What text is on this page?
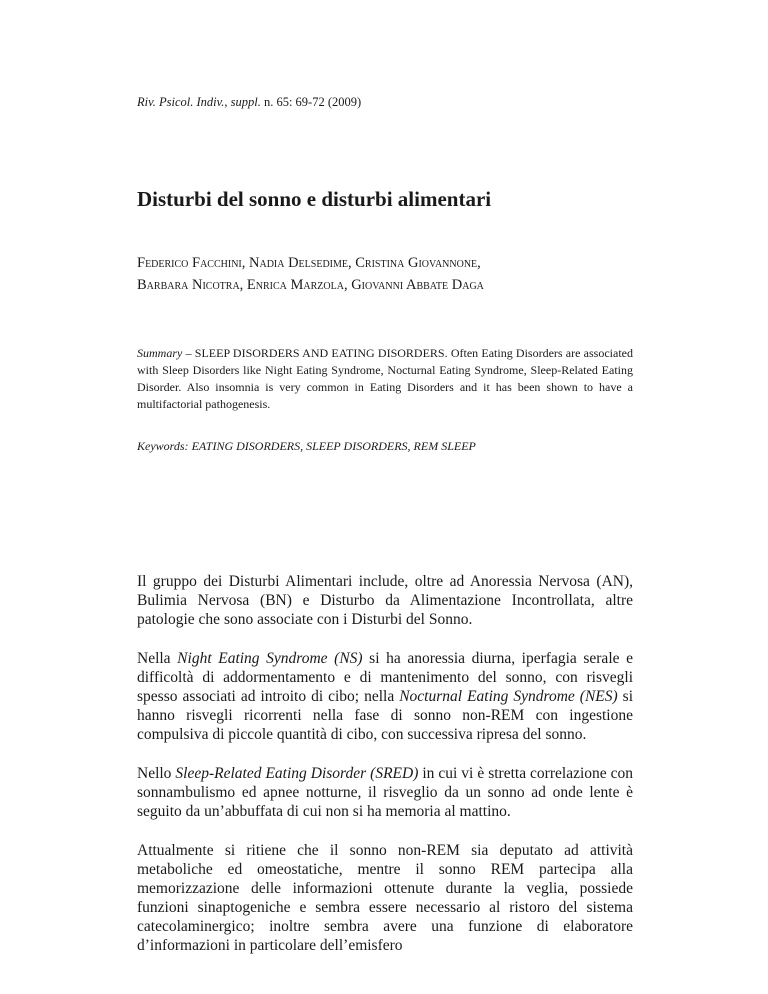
Riv. Psicol. Indiv., suppl. n. 65: 69-72 (2009)
Disturbi del sonno e disturbi alimentari
Federico Facchini, Nadia Delsedime, Cristina Giovannone,
Barbara Nicotra, Enrica Marzola, Giovanni Abbate Daga
Summary – SLEEP DISORDERS AND EATING DISORDERS. Often Eating Disorders are associated with Sleep Disorders like Night Eating Syndrome, Nocturnal Eating Syndrome, Sleep-Related Eating Disorder. Also insomnia is very common in Eating Disorders and it has been shown to have a multifactorial pathogenesis.
Keywords: EATING DISORDERS, SLEEP DISORDERS, REM SLEEP

Il gruppo dei Disturbi Alimentari include, oltre ad Anoressia Nervosa (AN), Bulimia Nervosa (BN) e Disturbo da Alimentazione Incontrollata, altre patologie che sono associate con i Disturbi del Sonno.

Nella Night Eating Syndrome (NS) si ha anoressia diurna, iperfagia serale e difficoltà di addormentamento e di mantenimento del sonno, con risvegli spesso associati ad introito di cibo; nella Nocturnal Eating Syndrome (NES) si hanno risvegli ricorrenti nella fase di sonno non-REM con ingestione compulsiva di piccole quantità di cibo, con successiva ripresa del sonno.

Nello Sleep-Related Eating Disorder (SRED) in cui vi è stretta correlazione con sonnambulismo ed apnee notturne, il risveglio da un sonno ad onde lente è seguito da un’abbuffata di cui non si ha memoria al mattino.

Attualmente si ritiene che il sonno non-REM sia deputato ad attività metaboliche ed omeostatiche, mentre il sonno REM partecipa alla memorizzazione delle informazioni ottenute durante la veglia, possiede funzioni sinaptogeniche e sembra essere necessario al ristoro del sistema catecolaminergico; inoltre sembra avere una funzione di elaboratore d’informazioni in particolare dell’emisfero
